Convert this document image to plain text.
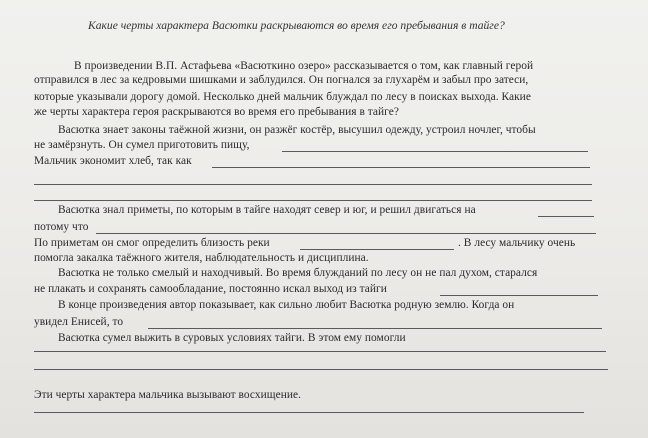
Какие черты характера Васютки раскрываются во время его пребывания в тайге?
В произведении В.П. Астафьева «Васюткино озеро» рассказывается о том, как главный герой
отправился в лес за кедровыми шишками и заблудился. Он погнался за глухарём и забыл про затеси,
которые указывали дорогу домой. Несколько дней мальчик блуждал по лесу в поисках выхода. Какие
же черты характера героя раскрываются во время его пребывания в тайге?
Васютка знает законы таёжной жизни, он разжёг костёр, высушил одежду, устроил ночлег, чтобы
не замёрзнуть. Он сумел приготовить пищу,
Мальчик экономит хлеб, так как
Васютка знал приметы, по которым в тайге находят север и юг, и решил двигаться на
потому что
По приметам он смог определить близость реки	. В лесу мальчику очень
помогла закалка таёжного жителя, наблюдательность и дисциплина.
Васютка не только смелый и находчивый. Во время блужданий по лесу он не пал духом, старался
не плакать и сохранять самообладание, постоянно искал выход из тайги
В конце произведения автор показывает, как сильно любит Васютка родную землю. Когда он
увидел Енисей, то
Васютка сумел выжить в суровых условиях тайги. В этом ему помогли
Эти черты характера мальчика вызывают восхищение.
